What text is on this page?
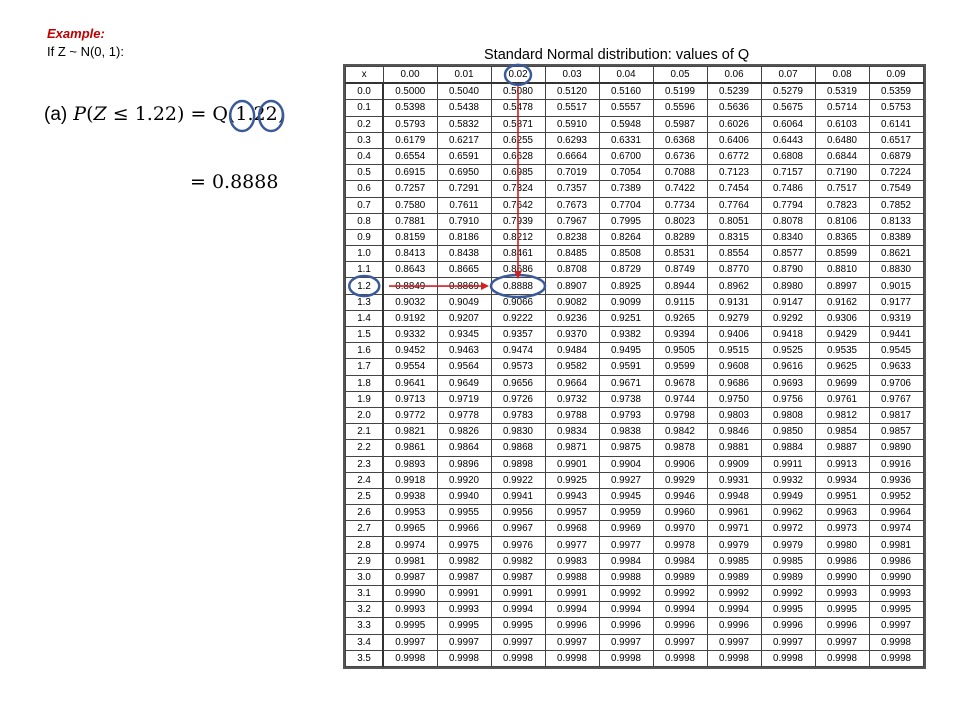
Example:
If Z ~ N(0, 1):
(a) P(Z ≤ 1.22) = Q(1.22)
= 0.8888
Standard Normal distribution: values of Q
x	0.00	0.01	0.02	0.03	0.04	0.05	0.06	0.07	0.08	0.09
0.0	0.5000	0.5040	0.5080	0.5120	0.5160	0.5199	0.5239	0.5279	0.5319	0.5359
0.1	0.5398	0.5438	0.5478	0.5517	0.5557	0.5596	0.5636	0.5675	0.5714	0.5753
0.2	0.5793	0.5832	0.5871	0.5910	0.5948	0.5987	0.6026	0.6064	0.6103	0.6141
0.3	0.6179	0.6217	0.6255	0.6293	0.6331	0.6368	0.6406	0.6443	0.6480	0.6517
0.4	0.6554	0.6591	0.6628	0.6664	0.6700	0.6736	0.6772	0.6808	0.6844	0.6879
0.5	0.6915	0.6950	0.6985	0.7019	0.7054	0.7088	0.7123	0.7157	0.7190	0.7224
0.6	0.7257	0.7291	0.7324	0.7357	0.7389	0.7422	0.7454	0.7486	0.7517	0.7549
0.7	0.7580	0.7611	0.7642	0.7673	0.7704	0.7734	0.7764	0.7794	0.7823	0.7852
0.8	0.7881	0.7910	0.7939	0.7967	0.7995	0.8023	0.8051	0.8078	0.8106	0.8133
0.9	0.8159	0.8186	0.8212	0.8238	0.8264	0.8289	0.8315	0.8340	0.8365	0.8389
1.0	0.8413	0.8438	0.8461	0.8485	0.8508	0.8531	0.8554	0.8577	0.8599	0.8621
1.1	0.8643	0.8665	0.8686	0.8708	0.8729	0.8749	0.8770	0.8790	0.8810	0.8830
1.2	0.8849	0.8869	0.8888	0.8907	0.8925	0.8944	0.8962	0.8980	0.8997	0.9015
1.3	0.9032	0.9049	0.9066	0.9082	0.9099	0.9115	0.9131	0.9147	0.9162	0.9177
1.4	0.9192	0.9207	0.9222	0.9236	0.9251	0.9265	0.9279	0.9292	0.9306	0.9319
1.5	0.9332	0.9345	0.9357	0.9370	0.9382	0.9394	0.9406	0.9418	0.9429	0.9441
1.6	0.9452	0.9463	0.9474	0.9484	0.9495	0.9505	0.9515	0.9525	0.9535	0.9545
1.7	0.9554	0.9564	0.9573	0.9582	0.9591	0.9599	0.9608	0.9616	0.9625	0.9633
1.8	0.9641	0.9649	0.9656	0.9664	0.9671	0.9678	0.9686	0.9693	0.9699	0.9706
1.9	0.9713	0.9719	0.9726	0.9732	0.9738	0.9744	0.9750	0.9756	0.9761	0.9767
2.0	0.9772	0.9778	0.9783	0.9788	0.9793	0.9798	0.9803	0.9808	0.9812	0.9817
2.1	0.9821	0.9826	0.9830	0.9834	0.9838	0.9842	0.9846	0.9850	0.9854	0.9857
2.2	0.9861	0.9864	0.9868	0.9871	0.9875	0.9878	0.9881	0.9884	0.9887	0.9890
2.3	0.9893	0.9896	0.9898	0.9901	0.9904	0.9906	0.9909	0.9911	0.9913	0.9916
2.4	0.9918	0.9920	0.9922	0.9925	0.9927	0.9929	0.9931	0.9932	0.9934	0.9936
2.5	0.9938	0.9940	0.9941	0.9943	0.9945	0.9946	0.9948	0.9949	0.9951	0.9952
2.6	0.9953	0.9955	0.9956	0.9957	0.9959	0.9960	0.9961	0.9962	0.9963	0.9964
2.7	0.9965	0.9966	0.9967	0.9968	0.9969	0.9970	0.9971	0.9972	0.9973	0.9974
2.8	0.9974	0.9975	0.9976	0.9977	0.9977	0.9978	0.9979	0.9979	0.9980	0.9981
2.9	0.9981	0.9982	0.9982	0.9983	0.9984	0.9984	0.9985	0.9985	0.9986	0.9986
3.0	0.9987	0.9987	0.9987	0.9988	0.9988	0.9989	0.9989	0.9989	0.9990	0.9990
3.1	0.9990	0.9991	0.9991	0.9991	0.9992	0.9992	0.9992	0.9992	0.9993	0.9993
3.2	0.9993	0.9993	0.9994	0.9994	0.9994	0.9994	0.9994	0.9995	0.9995	0.9995
3.3	0.9995	0.9995	0.9995	0.9996	0.9996	0.9996	0.9996	0.9996	0.9996	0.9997
3.4	0.9997	0.9997	0.9997	0.9997	0.9997	0.9997	0.9997	0.9997	0.9997	0.9998
3.5	0.9998	0.9998	0.9998	0.9998	0.9998	0.9998	0.9998	0.9998	0.9998	0.9998
